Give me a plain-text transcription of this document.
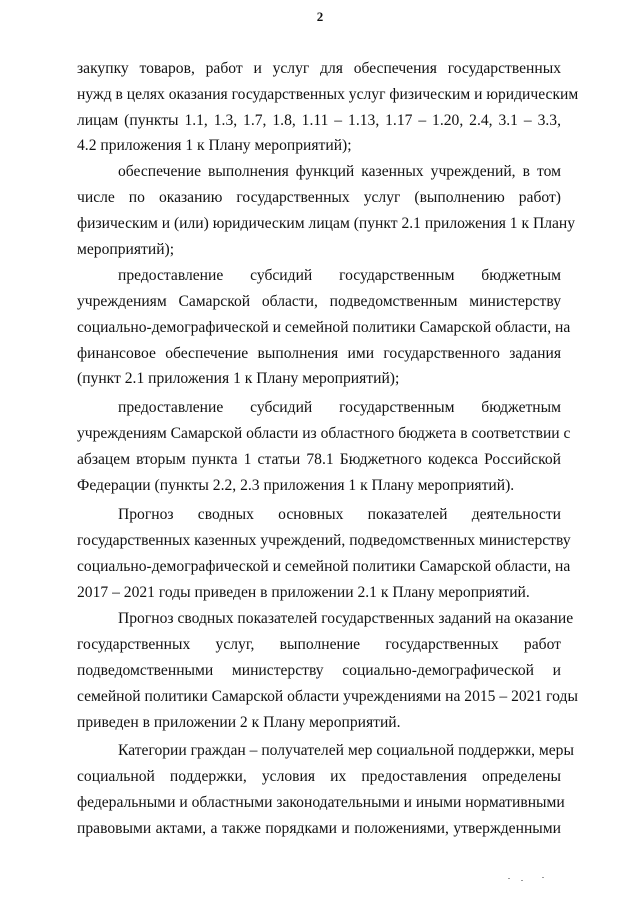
2
закупку товаров, работ и услуг для обеспечения государственных
нужд в целях оказания государственных услуг физическим и юридическим
лицам (пункты 1.1, 1.3, 1.7, 1.8, 1.11 – 1.13, 1.17 – 1.20, 2.4, 3.1 – 3.3,
4.2 приложения 1 к Плану мероприятий);
обеспечение выполнения функций казенных учреждений, в том
числе по оказанию государственных услуг (выполнению работ)
физическим и (или) юридическим лицам (пункт 2.1 приложения 1 к Плану
мероприятий);
предоставление субсидий государственным бюджетным
учреждениям Самарской области, подведомственным министерству
социально-демографической и семейной политики Самарской области, на
финансовое обеспечение выполнения ими государственного задания
(пункт 2.1 приложения 1 к Плану мероприятий);
предоставление субсидий государственным бюджетным
учреждениям Самарской области из областного бюджета в соответствии с
абзацем вторым пункта 1 статьи 78.1 Бюджетного кодекса Российской
Федерации (пункты 2.2, 2.3 приложения 1 к Плану мероприятий).
Прогноз сводных основных показателей деятельности
государственных казенных учреждений, подведомственных министерству
социально-демографической и семейной политики Самарской области, на
2017 – 2021 годы приведен в приложении 2.1 к Плану мероприятий.
Прогноз сводных показателей государственных заданий на оказание
государственных услуг, выполнение государственных работ
подведомственными министерству социально-демографической и
семейной политики Самарской области учреждениями на 2015 – 2021 годы
приведен в приложении 2 к Плану мероприятий.
Категории граждан – получателей мер социальной поддержки, меры
социальной поддержки, условия их предоставления определены
федеральными и областными законодательными и иными нормативными
правовыми актами, а также порядками и положениями, утвержденными
